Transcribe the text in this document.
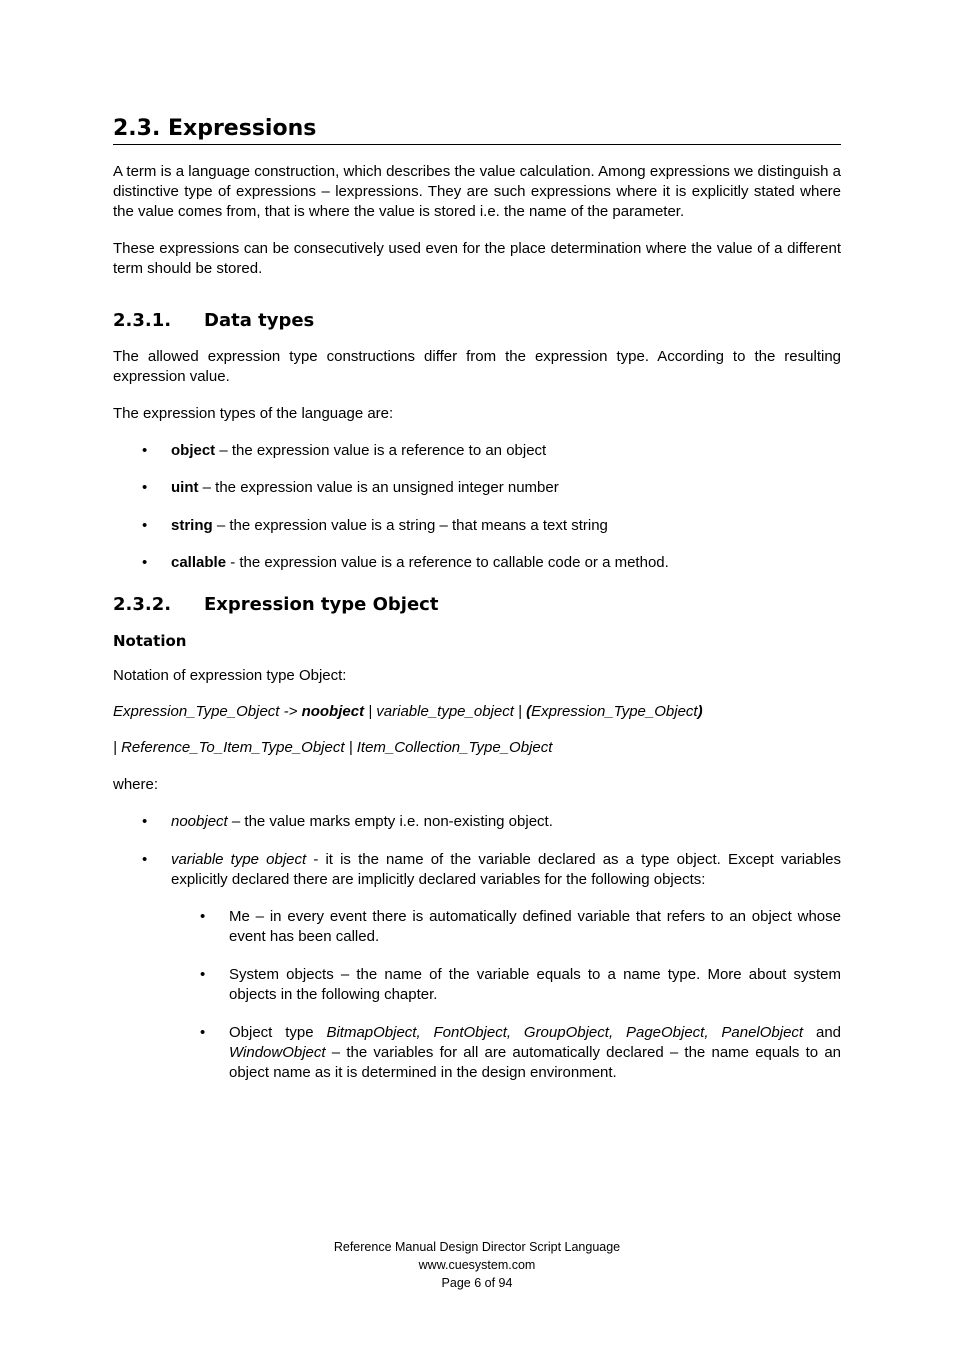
2.3. Expressions

A term is a language construction, which describes the value calculation. Among expressions we distinguish a distinctive type of expressions – lexpressions. They are such expressions where it is explicitly stated where the value comes from, that is where the value is stored i.e. the name of the parameter.

These expressions can be consecutively used even for the place determination where the value of a different term should be stored.

2.3.1.	Data types

The allowed expression type constructions differ from the expression type. According to the resulting expression value.

The expression types of the language are:

• object – the expression value is a reference to an object
• uint – the expression value is an unsigned integer number
• string – the expression value is a string – that means a text string
• callable - the expression value is a reference to callable code or a method.
2.3.2.	Expression type Object
Notation

Notation of expression type Object:

Expression_Type_Object -> noobject | variable_type_object | (Expression_Type_Object)

| Reference_To_Item_Type_Object | Item_Collection_Type_Object

where:

• noobject – the value marks empty i.e. non-existing object.
• variable type object - it is the name of the variable declared as a type object. Except variables explicitly declared there are implicitly declared variables for the following objects:
• Me – in every event there is automatically defined variable that refers to an object whose event has been called.
• System objects – the name of the variable equals to a name type. More about system objects in the following chapter.
• Object type BitmapObject, FontObject, GroupObject, PageObject, PanelObject and WindowObject – the variables for all are automatically declared – the name equals to an object name as it is determined in the design environment.
Reference Manual Design Director Script Language
www.cuesystem.com
Page 6 of 94
